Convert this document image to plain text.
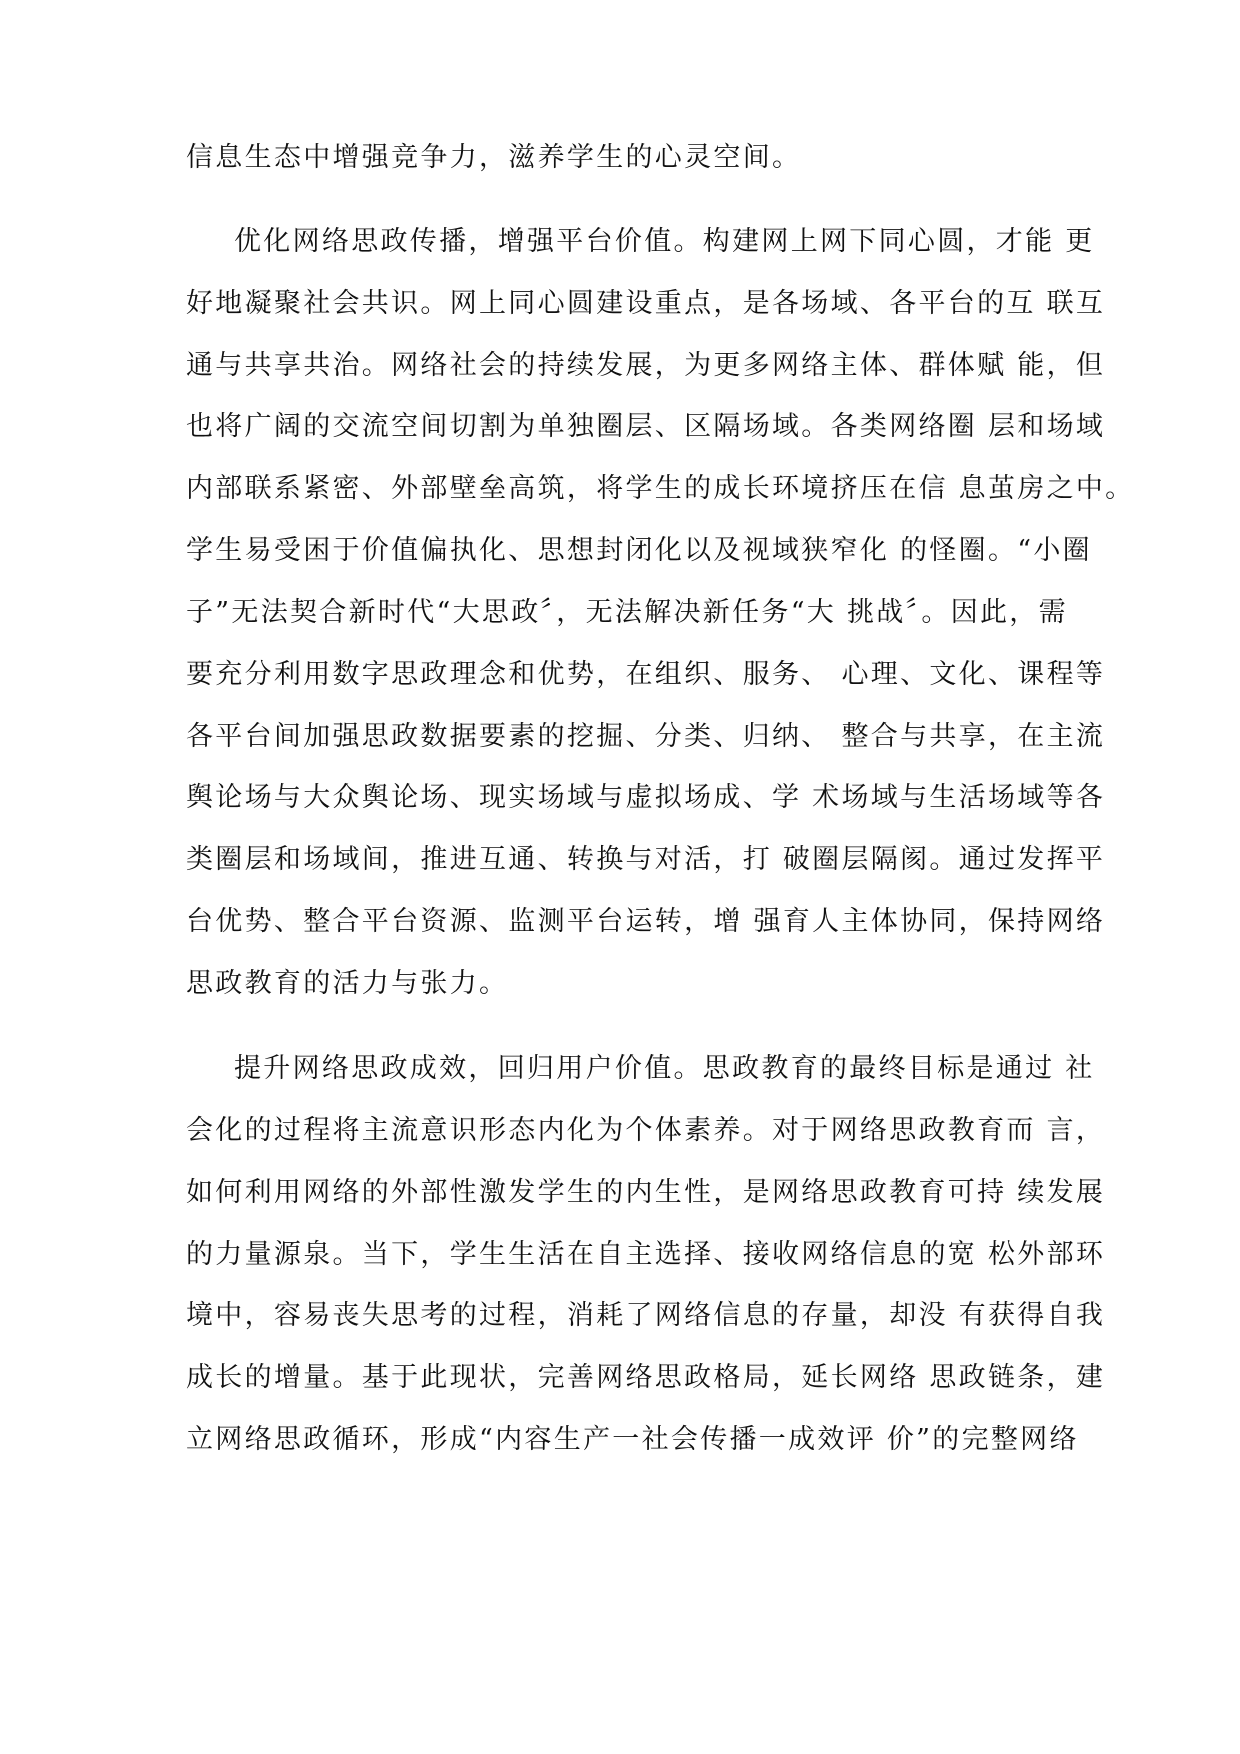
信息生态中增强竞争力，滋养学生的心灵空间。
优化网络思政传播，增强平台价值。构建网上网下同心圆，才能 更
好地凝聚社会共识。网上同心圆建设重点，是各场域、各平台的互 联互
通与共享共治。网络社会的持续发展，为更多网络主体、群体赋 能，但
也将广阔的交流空间切割为单独圈层、区隔场域。各类网络圈 层和场域
内部联系紧密、外部壁垒高筑，将学生的成长环境挤压在信 息茧房之中。
学生易受困于价值偏执化、思想封闭化以及视域狭窄化 的怪圈。“小圈
子”无法契合新时代“大思政〞，无法解决新任务“大 挑战〞。因此，需
要充分利用数字思政理念和优势，在组织、服务、 心理、文化、课程等
各平台间加强思政数据要素的挖掘、分类、归纳、 整合与共享，在主流
舆论场与大众舆论场、现实场域与虚拟场成、学 术场域与生活场域等各
类圈层和场域间，推进互通、转换与对活，打 破圈层隔阂。通过发挥平
台优势、整合平台资源、监测平台运转，增 强育人主体协同，保持网络
思政教育的活力与张力。
提升网络思政成效，回归用户价值。思政教育的最终目标是通过 社
会化的过程将主流意识形态内化为个体素养。对于网络思政教育而 言，
如何利用网络的外部性激发学生的内生性，是网络思政教育可持 续发展
的力量源泉。当下，学生生活在自主选择、接收网络信息的宽 松外部环
境中，容易丧失思考的过程，消耗了网络信息的存量，却没 有获得自我
成长的增量。基于此现状，完善网络思政格局，延长网络 思政链条，建
立网络思政循环，形成“内容生产一社会传播一成效评 价”的完整网络
